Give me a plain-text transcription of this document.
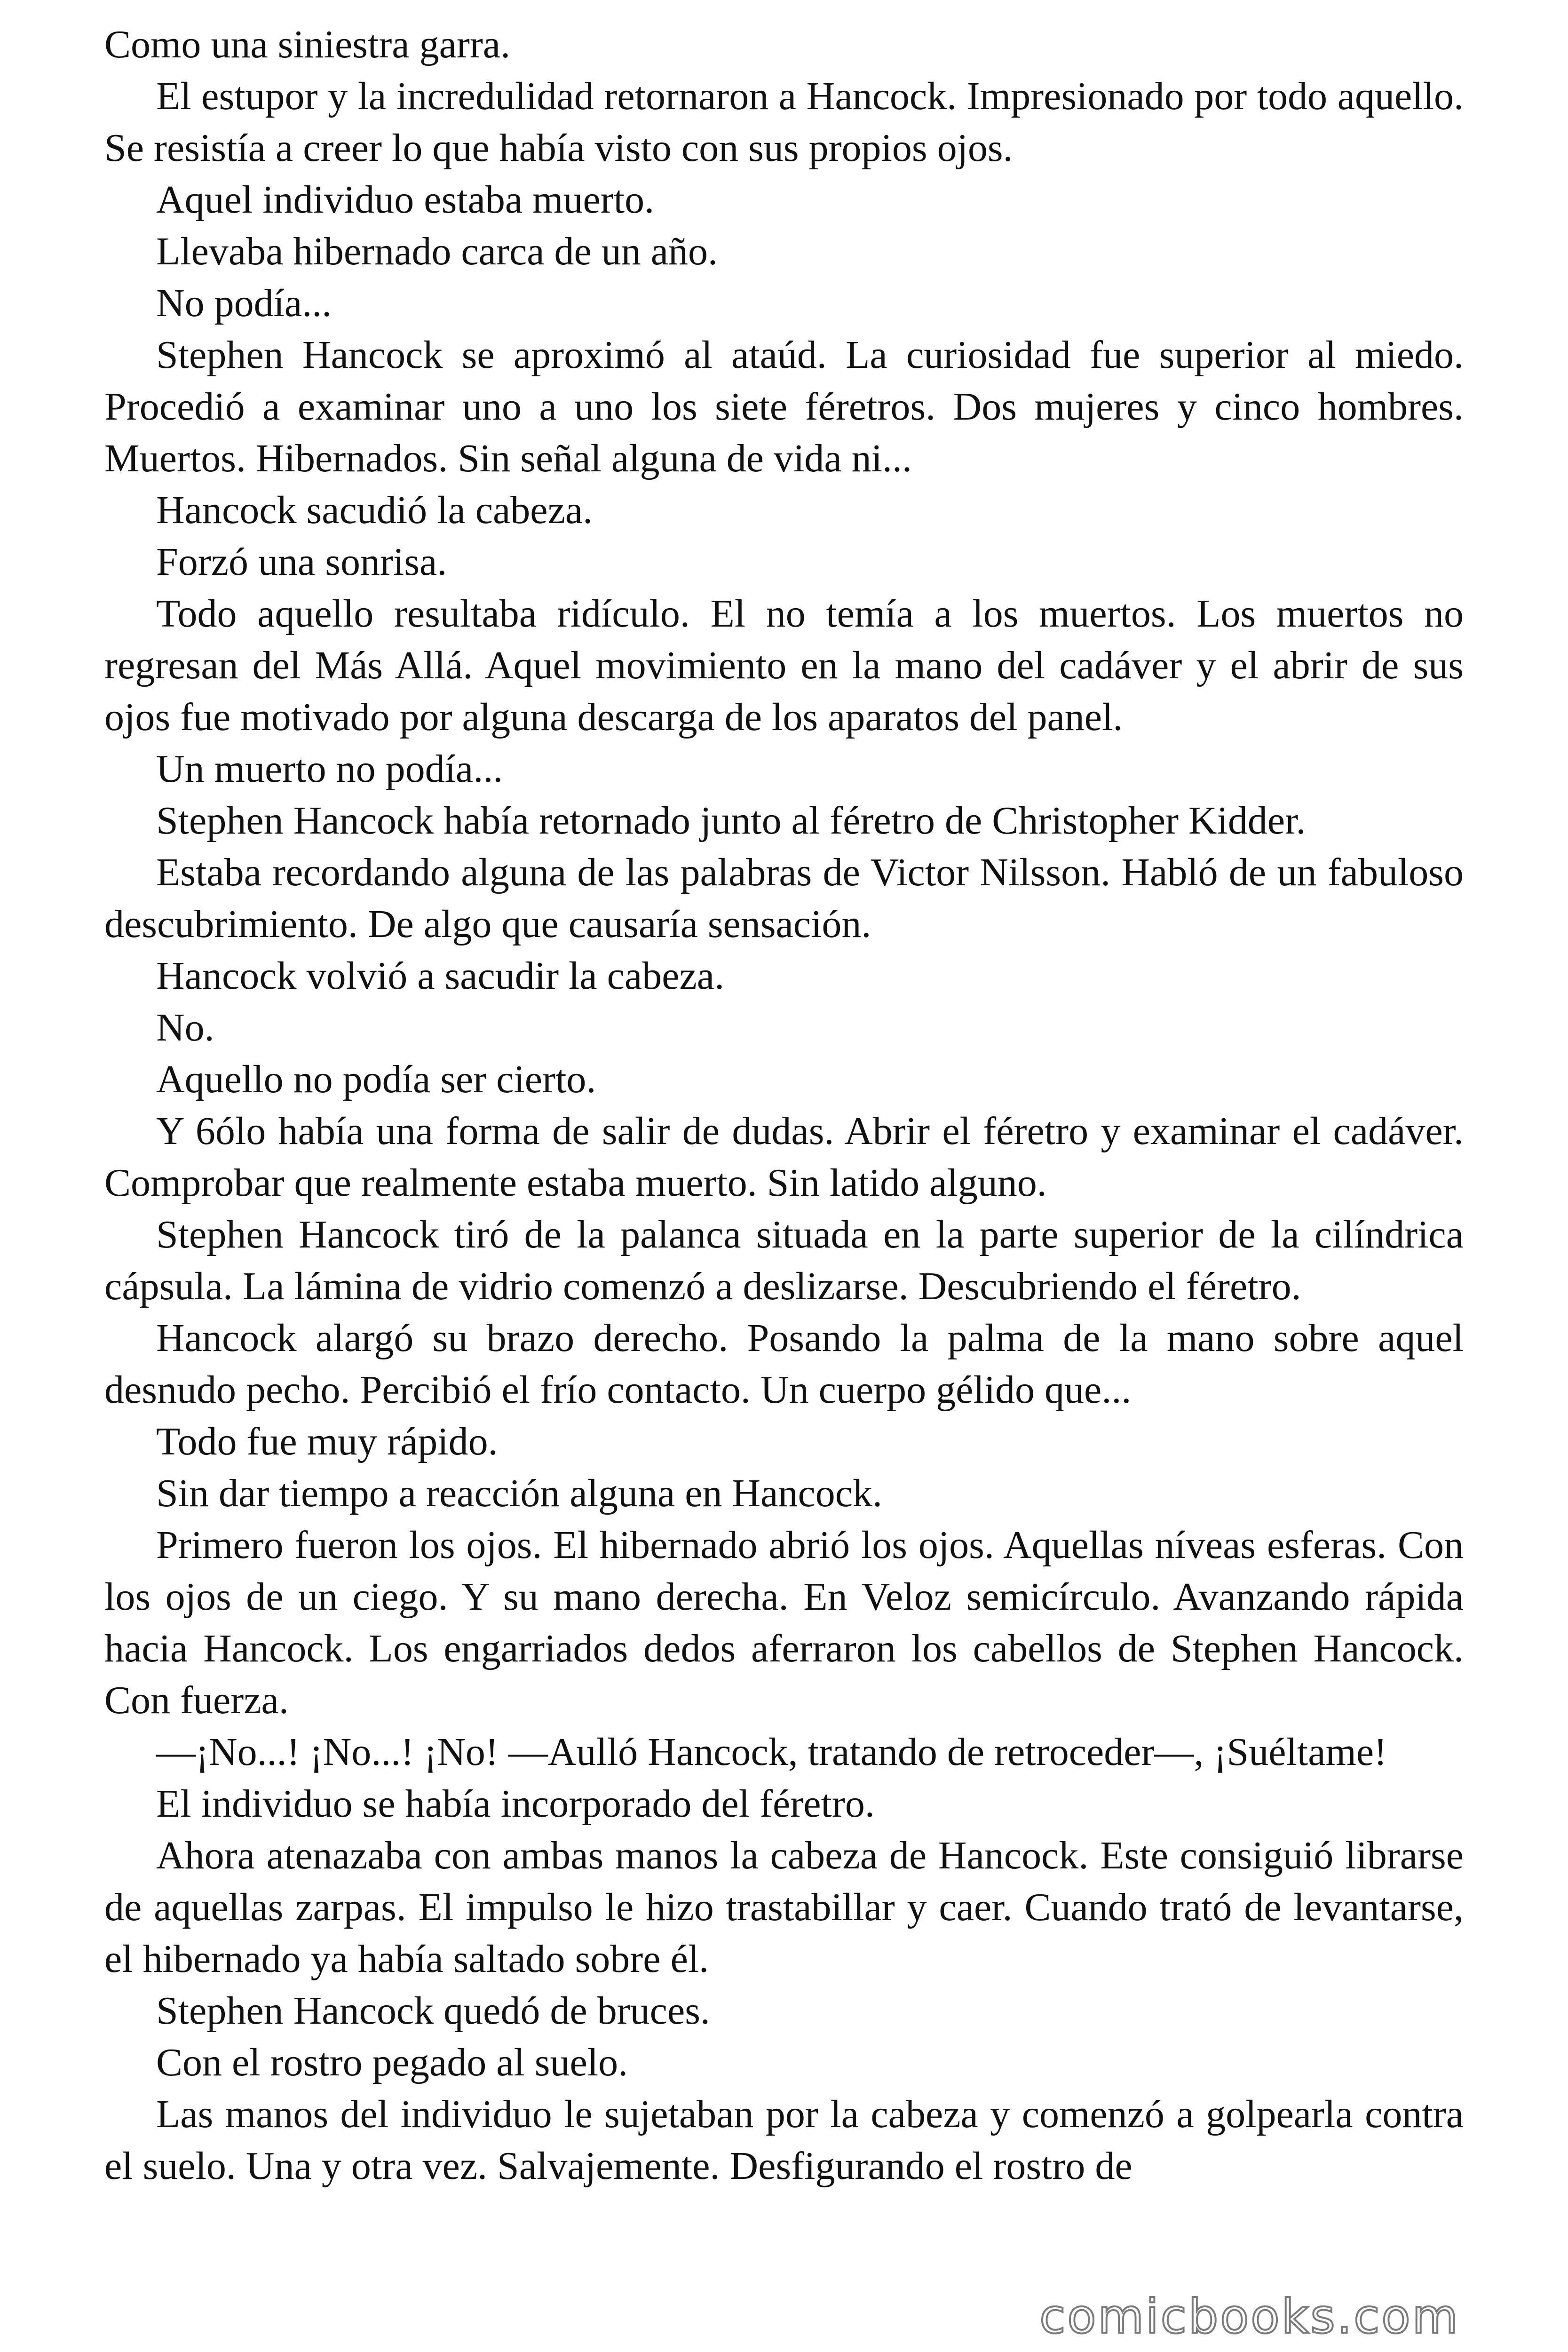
Como una siniestra garra.

El estupor y la incredulidad retornaron a Hancock. Impresionado por todo aquello. Se resistía a creer lo que había visto con sus propios ojos.

Aquel individuo estaba muerto.

Llevaba hibernado carca de un año.

No podía...

Stephen Hancock se aproximó al ataúd. La curiosidad fue superior al miedo. Procedió a examinar uno a uno los siete féretros. Dos mujeres y cinco hombres. Muertos. Hibernados. Sin señal alguna de vida ni...

Hancock sacudió la cabeza.

Forzó una sonrisa.

Todo aquello resultaba ridículo. El no temía a los muertos. Los muertos no regresan del Más Allá. Aquel movimiento en la mano del cadáver y el abrir de sus ojos fue motivado por alguna descarga de los aparatos del panel.

Un muerto no podía...

Stephen Hancock había retornado junto al féretro de Christopher Kidder.

Estaba recordando alguna de las palabras de Victor Nilsson. Habló de un fabuloso descubrimiento. De algo que causaría sensación.

Hancock volvió a sacudir la cabeza.

No.

Aquello no podía ser cierto.

Y 6ólo había una forma de salir de dudas. Abrir el féretro y examinar el cadáver. Comprobar que realmente estaba muerto. Sin latido alguno.

Stephen Hancock tiró de la palanca situada en la parte superior de la cilíndrica cápsula. La lámina de vidrio comenzó a deslizarse. Descubriendo el féretro.

Hancock alargó su brazo derecho. Posando la palma de la mano sobre aquel desnudo pecho. Percibió el frío contacto. Un cuerpo gélido que...

Todo fue muy rápido.

Sin dar tiempo a reacción alguna en Hancock.

Primero fueron los ojos. El hibernado abrió los ojos. Aquellas níveas esferas. Con los ojos de un ciego. Y su mano derecha. En Veloz semicírculo. Avanzando rápida hacia Hancock. Los engarriados dedos aferraron los cabellos de Stephen Hancock. Con fuerza.

—¡No...! ¡No...! ¡No! —Aulló Hancock, tratando de retroceder—, ¡Suéltame!

El individuo se había incorporado del féretro.

Ahora atenazaba con ambas manos la cabeza de Hancock. Este consiguió librarse de aquellas zarpas. El impulso le hizo trastabillar y caer. Cuando trató de levantarse, el hibernado ya había saltado sobre él.

Stephen Hancock quedó de bruces.

Con el rostro pegado al suelo.

Las manos del individuo le sujetaban por la cabeza y comenzó a golpearla contra el suelo. Una y otra vez. Salvajemente. Desfigurando el rostro de

comicbooks.com
